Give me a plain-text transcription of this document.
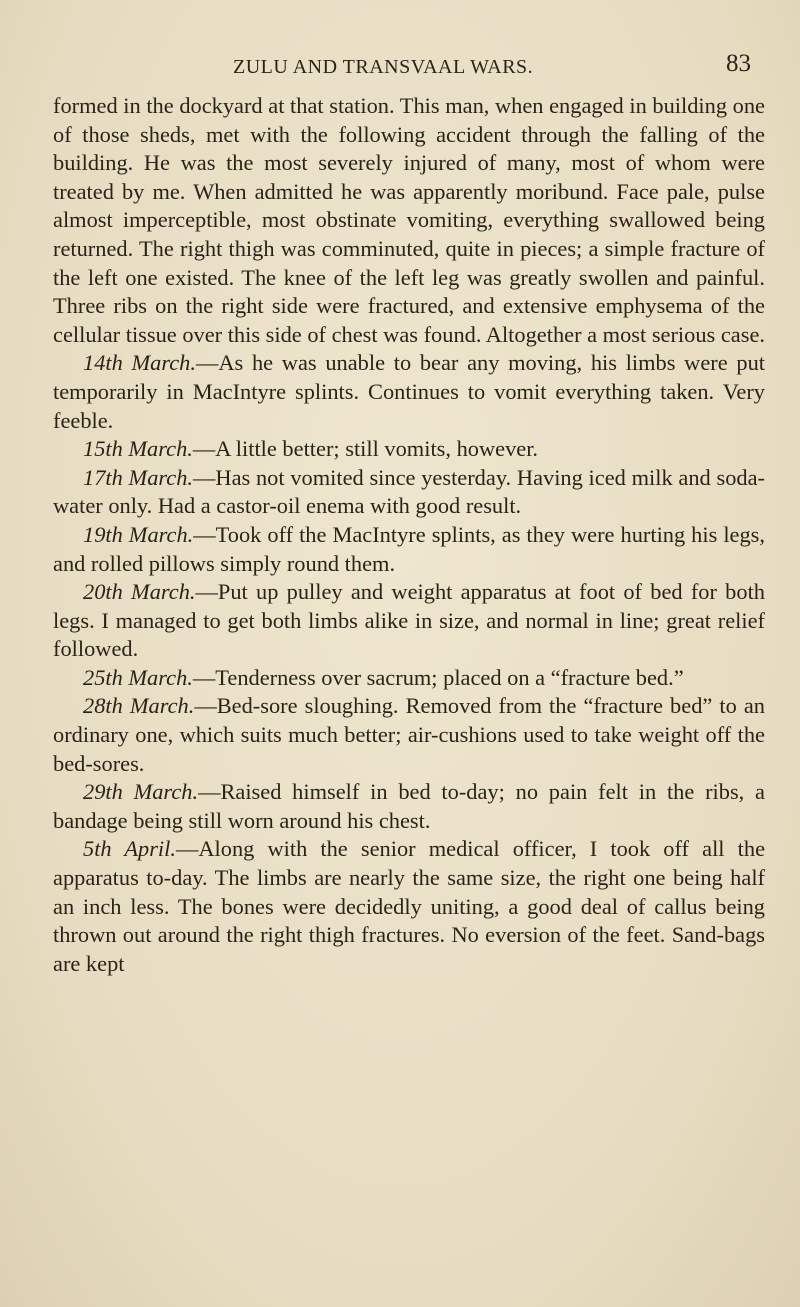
ZULU AND TRANSVAAL WARS.	83

formed in the dockyard at that station. This man, when engaged in building one of those sheds, met with the following accident through the falling of the building. He was the most severely injured of many, most of whom were treated by me. When admitted he was apparently moribund. Face pale, pulse almost imperceptible, most obstinate vomiting, everything swallowed being returned. The right thigh was comminuted, quite in pieces; a simple fracture of the left one existed. The knee of the left leg was greatly swollen and painful. Three ribs on the right side were fractured, and extensive emphysema of the cellular tissue over this side of chest was found. Altogether a most serious case.

14th March.—As he was unable to bear any moving, his limbs were put temporarily in MacIntyre splints. Continues to vomit everything taken. Very feeble.

15th March.—A little better; still vomits, however.

17th March.—Has not vomited since yesterday. Having iced milk and soda-water only. Had a castor-oil enema with good result.

19th March.—Took off the MacIntyre splints, as they were hurting his legs, and rolled pillows simply round them.

20th March.—Put up pulley and weight apparatus at foot of bed for both legs. I managed to get both limbs alike in size, and normal in line; great relief followed.

25th March.—Tenderness over sacrum; placed on a “fracture bed.”

28th March.—Bed-sore sloughing. Removed from the “fracture bed” to an ordinary one, which suits much better; air-cushions used to take weight off the bed-sores.

29th March.—Raised himself in bed to-day; no pain felt in the ribs, a bandage being still worn around his chest.

5th April.—Along with the senior medical officer, I took off all the apparatus to-day. The limbs are nearly the same size, the right one being half an inch less. The bones were decidedly uniting, a good deal of callus being thrown out around the right thigh fractures. No eversion of the feet. Sand-bags are kept
